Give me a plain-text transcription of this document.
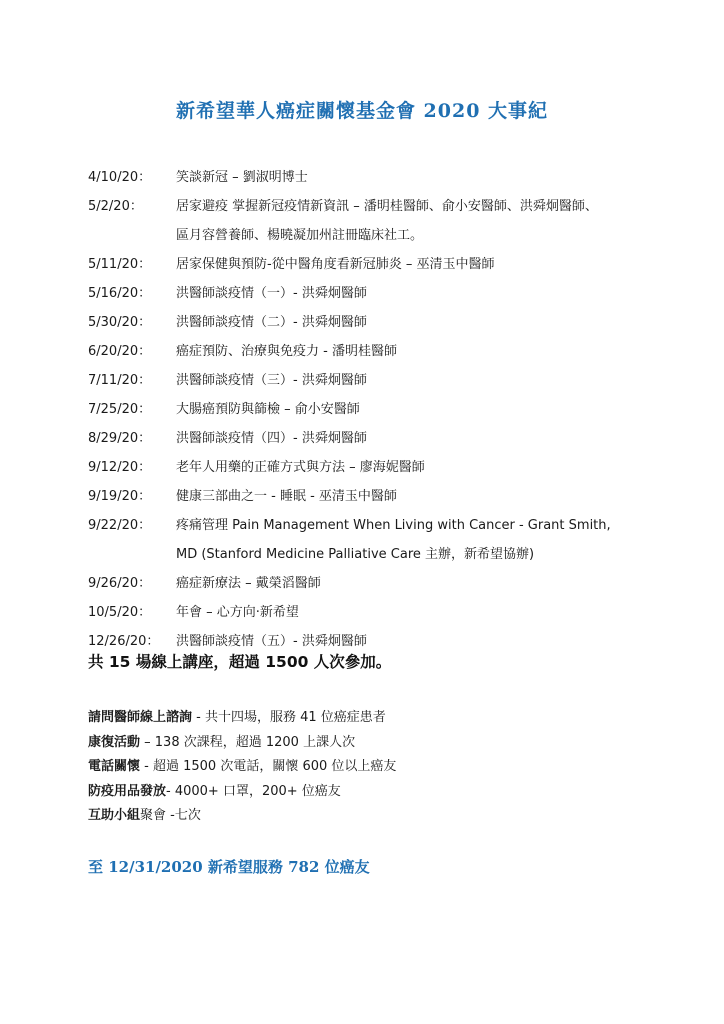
新希望華人癌症關懷基金會 2020 大事紀
4/10/20：	笑談新冠 – 劉淑明博士
5/2/20：	居家避疫 掌握新冠疫情新資訊 – 潘明桂醫師、俞小安醫師、洪舜炯醫師、
區月容營養師、楊曉凝加州註冊臨床社工。
5/11/20：	居家保健與預防-從中醫角度看新冠肺炎 – 巫清玉中醫師
5/16/20：	洪醫師談疫情（一）- 洪舜炯醫師
5/30/20：	洪醫師談疫情（二）- 洪舜炯醫師
6/20/20：	癌症預防、治療與免疫力 - 潘明桂醫師
7/11/20：	洪醫師談疫情（三）- 洪舜炯醫師
7/25/20：	大腸癌預防與篩檢 – 俞小安醫師
8/29/20：	洪醫師談疫情（四）- 洪舜炯醫師
9/12/20：	老年人用藥的正確方式與方法 – 廖海妮醫師
9/19/20：	健康三部曲之一 - 睡眠 - 巫清玉中醫師
9/22/20：	疼痛管理 Pain Management When Living with Cancer - Grant Smith,
MD (Stanford Medicine Palliative Care 主辦，新希望協辦)
9/26/20：	癌症新療法 – 戴榮滔醫師
10/5/20：	年會 – 心方向·新希望
12/26/20：	洪醫師談疫情（五）- 洪舜炯醫師
共 15 場線上講座，超過 1500 人次參加。
請問醫師線上諮詢 - 共十四場，服務 41 位癌症患者
康復活動 – 138 次課程，超過 1200 上課人次
電話關懷 - 超過 1500 次電話，關懷 600 位以上癌友
防疫用品發放- 4000+ 口罩，200+ 位癌友
互助小組聚會 -七次
至 12/31/2020 新希望服務 782 位癌友
